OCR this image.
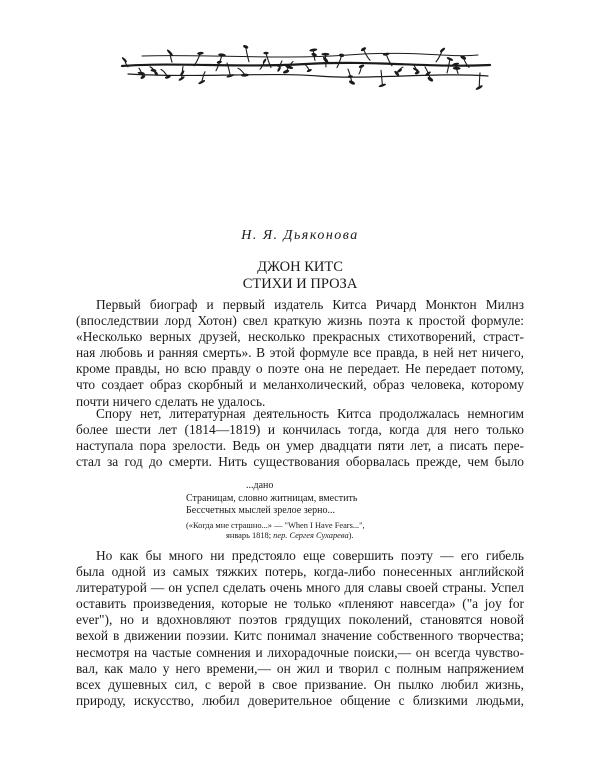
Н. Я. Дьяконова

ДЖОН КИТС
СТИХИ И ПРОЗА
Первый биограф и первый издатель Китса Ричард Монктон Милнз
(впоследствии лорд Хотон) свел краткую жизнь поэта к простой формуле:
«Несколько верных друзей, несколько прекрасных стихотворений, страст-
ная любовь и ранняя смерть». В этой формуле все правда, в ней нет ничего,
кроме правды, но всю правду о поэте она не передает. Не передает потому,
что создает образ скорбный и меланхолический, образ человека, которому
почти ничего сделать не удалось.
Спору нет, литературная деятельность Китса продолжалась немногим
более шести лет (1814—1819) и кончилась тогда, когда для него только
наступала пора зрелости. Ведь он умер двадцати пяти лет, а писать пере-
стал за год до смерти. Нить существования оборвалась прежде, чем было
...дано
Страницам, словно житницам, вместить
Бессчетных мыслей зрелое зерно...
(«Когда мне страшно...» — "When I Have Fears...",
январь 1818; пер. Сергея Сухарева).
Но как бы много ни предстояло еще совершить поэту — его гибель
была одной из самых тяжких потерь, когда-либо понесенных английской
литературой — он успел сделать очень много для славы своей страны. Успел
оставить произведения, которые не только «пленяют навсегда» ("a joy for
ever"), но и вдохновляют поэтов грядущих поколений, становятся новой
вехой в движении поэзии. Китс понимал значение собственного творчества;
несмотря на частые сомнения и лихорадочные поиски,— он всегда чувство-
вал, как мало у него времени,— он жил и творил с полным напряжением
всех душевных сил, с верой в свое призвание. Он пылко любил жизнь,
природу, искусство, любил доверительное общение с близкими людьми,
